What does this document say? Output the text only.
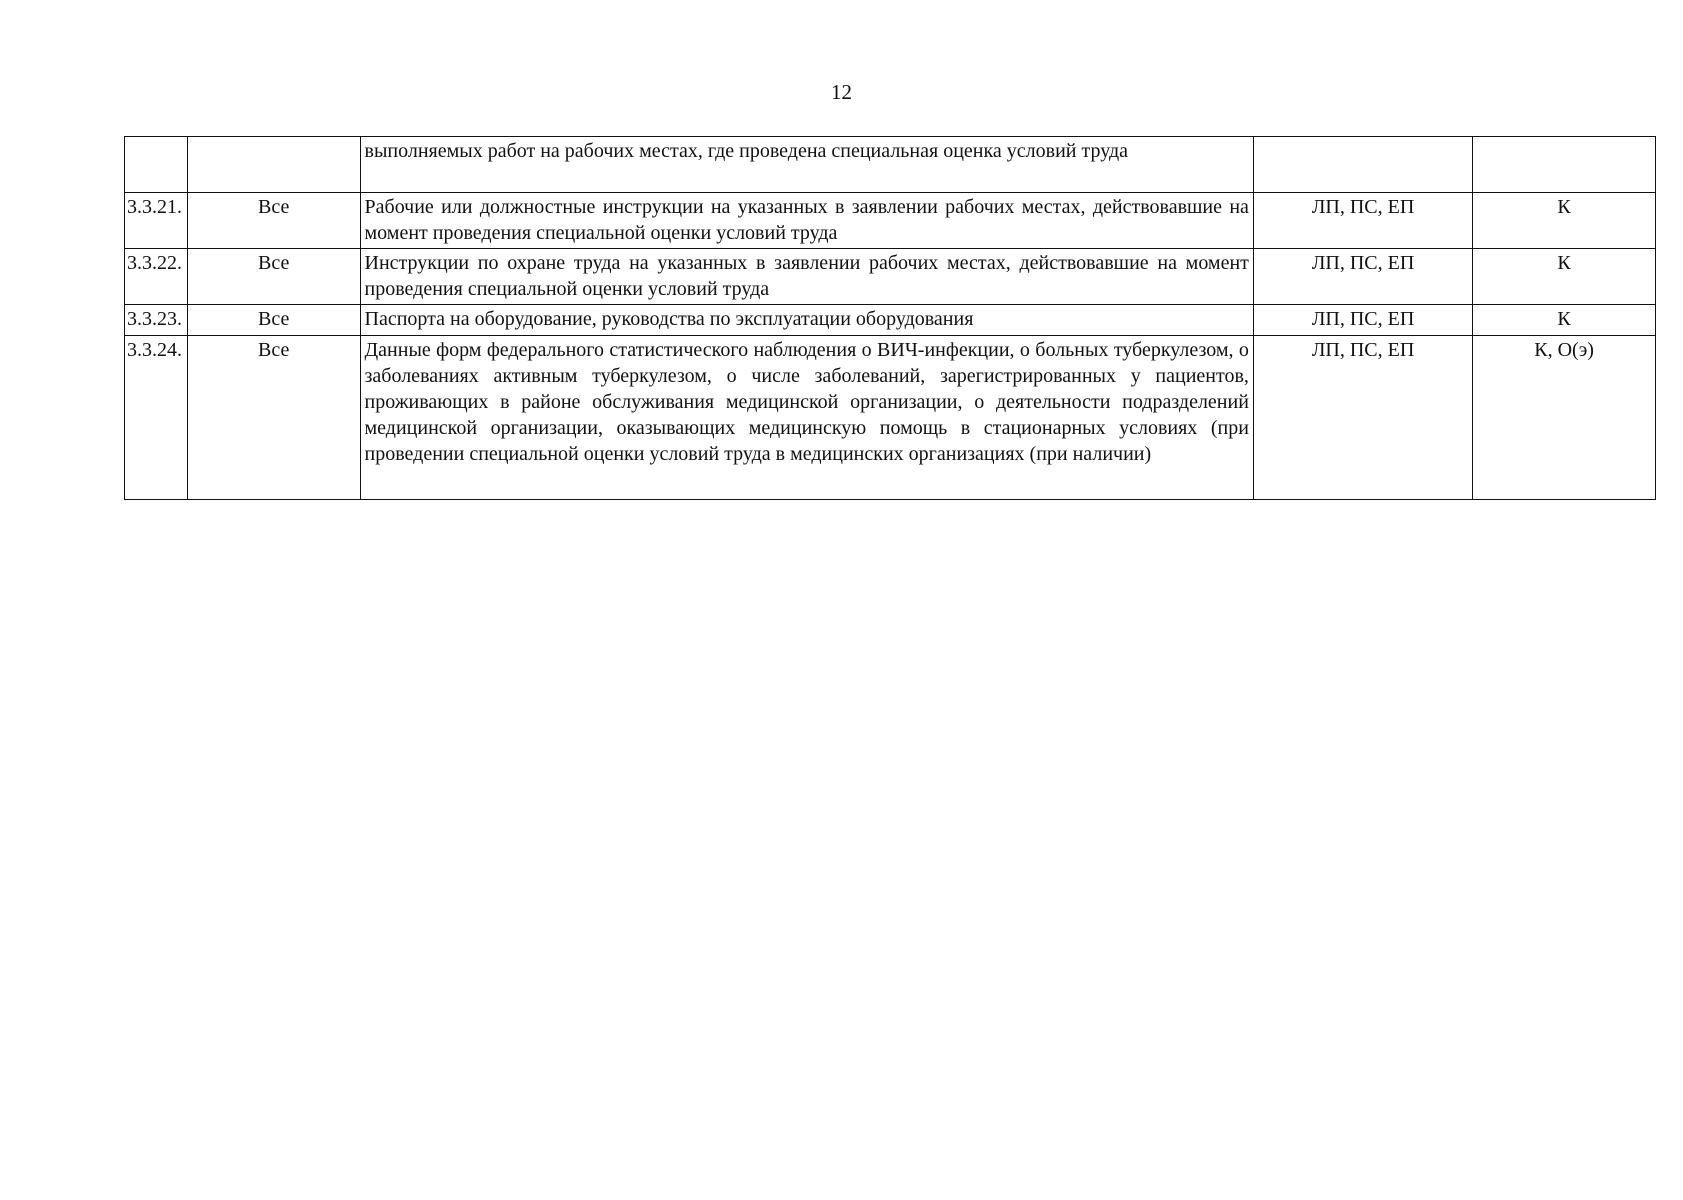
12
		выполняемых работ на рабочих местах, где проведена специальная оценка условий труда		
3.3.21.	Все	Рабочие или должностные инструкции на указанных в заявлении рабочих местах, действовавшие на момент проведения специальной оценки условий труда	ЛП, ПС, ЕП	К
3.3.22.	Все	Инструкции по охране труда на указанных в заявлении рабочих местах, действовавшие на момент проведения специальной оценки условий труда	ЛП, ПС, ЕП	К
3.3.23.	Все	Паспорта на оборудование, руководства по эксплуатации оборудования	ЛП, ПС, ЕП	К
3.3.24.	Все	Данные форм федерального статистического наблюдения о ВИЧ-инфекции, о больных туберкулезом, о заболеваниях активным туберкулезом, о числе заболеваний, зарегистрированных у пациентов, проживающих в районе обслуживания медицинской организации, о деятельности подразделений медицинской организации, оказывающих медицинскую помощь в стационарных условиях (при проведении специальной оценки условий труда в медицинских организациях (при наличии)	ЛП, ПС, ЕП	К, О(э)
